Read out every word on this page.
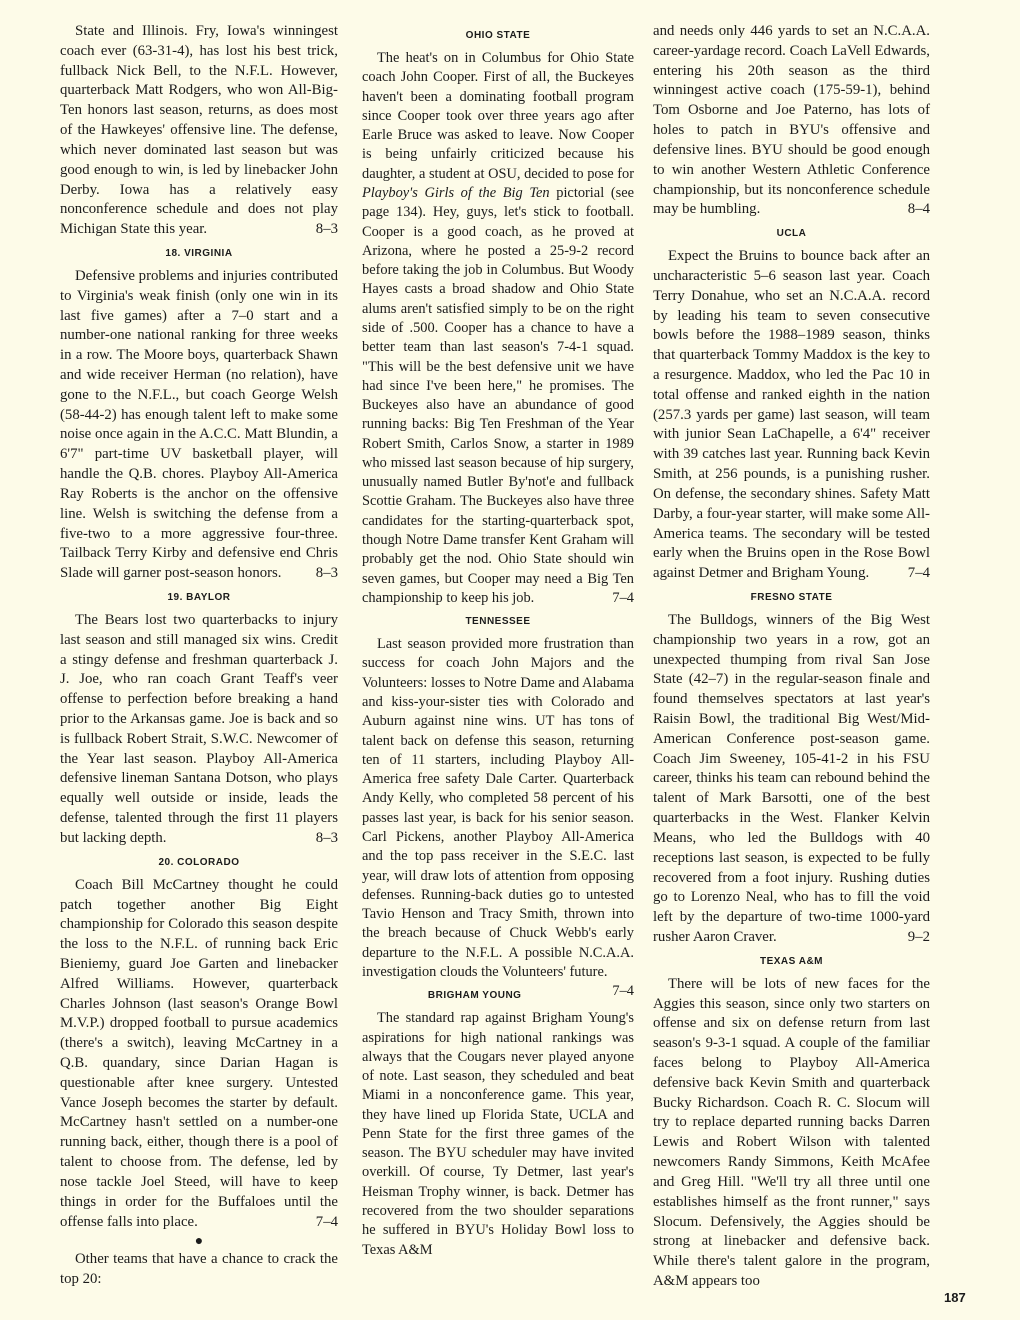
State and Illinois. Fry, Iowa's winningest coach ever (63-31-4), has lost his best trick, fullback Nick Bell, to the N.F.L. However, quarterback Matt Rodgers, who won All-Big-Ten honors last season, returns, as does most of the Hawkeyes' offensive line. The defense, which never dominated last season but was good enough to win, is led by linebacker John Derby. Iowa has a relatively easy nonconference schedule and does not play Michigan State this year.	8–3

18. VIRGINIA

Defensive problems and injuries contributed to Virginia's weak finish (only one win in its last five games) after a 7–0 start and a number-one national ranking for three weeks in a row. The Moore boys, quarterback Shawn and wide receiver Herman (no relation), have gone to the N.F.L., but coach George Welsh (58-44-2) has enough talent left to make some noise once again in the A.C.C. Matt Blundin, a 6'7" part-time UV basketball player, will handle the Q.B. chores. Playboy All-America Ray Roberts is the anchor on the offensive line. Welsh is switching the defense from a five-two to a more aggressive four-three. Tailback Terry Kirby and defensive end Chris Slade will garner post-season honors.	8–3

19. BAYLOR

The Bears lost two quarterbacks to injury last season and still managed six wins. Credit a stingy defense and freshman quarterback J. J. Joe, who ran coach Grant Teaff's veer offense to perfection before breaking a hand prior to the Arkansas game. Joe is back and so is fullback Robert Strait, S.W.C. Newcomer of the Year last season. Playboy All-America defensive lineman Santana Dotson, who plays equally well outside or inside, leads the defense, talented through the first 11 players but lacking depth.	8–3

20. COLORADO

Coach Bill McCartney thought he could patch together another Big Eight championship for Colorado this season despite the loss to the N.F.L. of running back Eric Bieniemy, guard Joe Garten and linebacker Alfred Williams. However, quarterback Charles Johnson (last season's Orange Bowl M.V.P.) dropped football to pursue academics (there's a switch), leaving McCartney in a Q.B. quandary, since Darian Hagan is questionable after knee surgery. Untested Vance Joseph becomes the starter by default. McCartney hasn't settled on a number-one running back, either, though there is a pool of talent to choose from. The defense, led by nose tackle Joel Steed, will have to keep things in order for the Buffaloes until the offense falls into place.	7–4

●

Other teams that have a chance to crack the top 20:

OHIO STATE

The heat's on in Columbus for Ohio State coach John Cooper. First of all, the Buckeyes haven't been a dominating football program since Cooper took over three years ago after Earle Bruce was asked to leave. Now Cooper is being unfairly criticized because his daughter, a student at OSU, decided to pose for Playboy's Girls of the Big Ten pictorial (see page 134). Hey, guys, let's stick to football. Cooper is a good coach, as he proved at Arizona, where he posted a 25-9-2 record before taking the job in Columbus. But Woody Hayes casts a broad shadow and Ohio State alums aren't satisfied simply to be on the right side of .500. Cooper has a chance to have a better team than last season's 7-4-1 squad. "This will be the best defensive unit we have had since I've been here," he promises. The Buckeyes also have an abundance of good running backs: Big Ten Freshman of the Year Robert Smith, Carlos Snow, a starter in 1989 who missed last season because of hip surgery, unusually named Butler By'not'e and fullback Scottie Graham. The Buckeyes also have three candidates for the starting-quarterback spot, though Notre Dame transfer Kent Graham will probably get the nod. Ohio State should win seven games, but Cooper may need a Big Ten championship to keep his job.	7–4

TENNESSEE

Last season provided more frustration than success for coach John Majors and the Volunteers: losses to Notre Dame and Alabama and kiss-your-sister ties with Colorado and Auburn against nine wins. UT has tons of talent back on defense this season, returning ten of 11 starters, including Playboy All-America free safety Dale Carter. Quarterback Andy Kelly, who completed 58 percent of his passes last year, is back for his senior season. Carl Pickens, another Playboy All-America and the top pass receiver in the S.E.C. last year, will draw lots of attention from opposing defenses. Running-back duties go to untested Tavio Henson and Tracy Smith, thrown into the breach because of Chuck Webb's early departure to the N.F.L. A possible N.C.A.A. investigation clouds the Volunteers' future.
7–4

BRIGHAM YOUNG

The standard rap against Brigham Young's aspirations for high national rankings was always that the Cougars never played anyone of note. Last season, they scheduled and beat Miami in a nonconference game. This year, they have lined up Florida State, UCLA and Penn State for the first three games of the season. The BYU scheduler may have invited overkill. Of course, Ty Detmer, last year's Heisman Trophy winner, is back. Detmer has recovered from the two shoulder separations he suffered in BYU's Holiday Bowl loss to Texas A&M

and needs only 446 yards to set an N.C.A.A. career-yardage record. Coach LaVell Edwards, entering his 20th season as the third winningest active coach (175-59-1), behind Tom Osborne and Joe Paterno, has lots of holes to patch in BYU's offensive and defensive lines. BYU should be good enough to win another Western Athletic Conference championship, but its nonconference schedule may be humbling.	8–4

UCLA

Expect the Bruins to bounce back after an uncharacteristic 5–6 season last year. Coach Terry Donahue, who set an N.C.A.A. record by leading his team to seven consecutive bowls before the 1988–1989 season, thinks that quarterback Tommy Maddox is the key to a resurgence. Maddox, who led the Pac 10 in total offense and ranked eighth in the nation (257.3 yards per game) last season, will team with junior Sean LaChapelle, a 6'4" receiver with 39 catches last year. Running back Kevin Smith, at 256 pounds, is a punishing rusher. On defense, the secondary shines. Safety Matt Darby, a four-year starter, will make some All-America teams. The secondary will be tested early when the Bruins open in the Rose Bowl against Detmer and Brigham Young.	7–4

FRESNO STATE

The Bulldogs, winners of the Big West championship two years in a row, got an unexpected thumping from rival San Jose State (42–7) in the regular-season finale and found themselves spectators at last year's Raisin Bowl, the traditional Big West/Mid-American Conference post-season game. Coach Jim Sweeney, 105-41-2 in his FSU career, thinks his team can rebound behind the talent of Mark Barsotti, one of the best quarterbacks in the West. Flanker Kelvin Means, who led the Bulldogs with 40 receptions last season, is expected to be fully recovered from a foot injury. Rushing duties go to Lorenzo Neal, who has to fill the void left by the departure of two-time 1000-yard rusher Aaron Craver.	9–2

TEXAS A&M

There will be lots of new faces for the Aggies this season, since only two starters on offense and six on defense return from last season's 9-3-1 squad. A couple of the familiar faces belong to Playboy All-America defensive back Kevin Smith and quarterback Bucky Richardson. Coach R. C. Slocum will try to replace departed running backs Darren Lewis and Robert Wilson with talented newcomers Randy Simmons, Keith McAfee and Greg Hill. "We'll try all three until one establishes himself as the front runner," says Slocum. Defensively, the Aggies should be strong at linebacker and defensive back. While there's talent galore in the program, A&M appears too

187
